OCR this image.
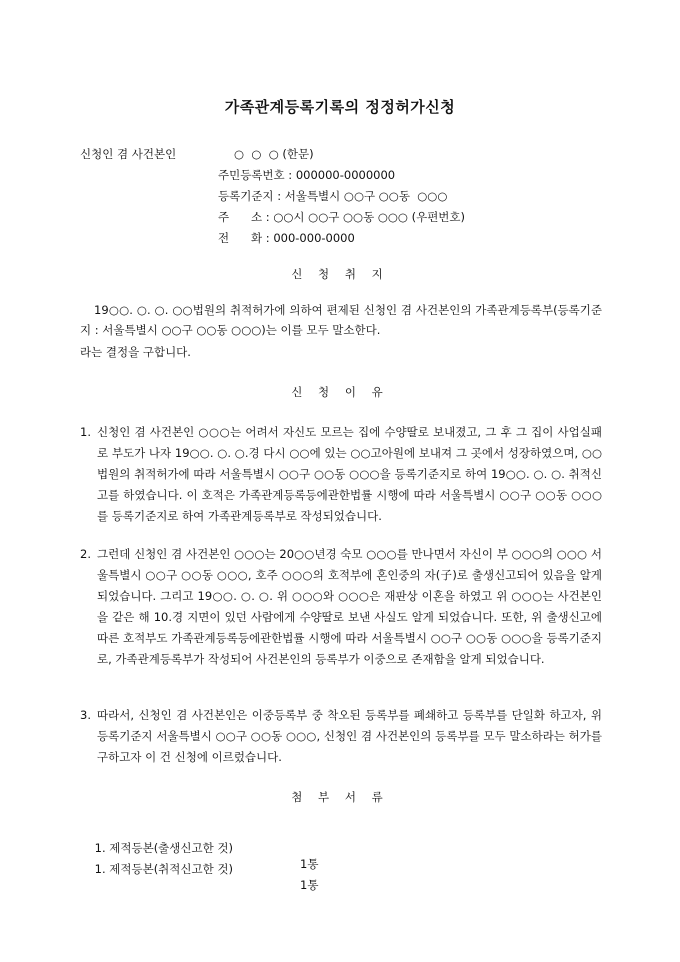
가족관계등록기록의 정정허가신청
신청인 겸 사건본인	○  ○  ○ (한문)
주민등록번호 : 000000-0000000
등록기준지 : 서울특별시 ○○구 ○○동  ○○○
주      소 : ○○시 ○○구 ○○동 ○○○ (우편번호)
전      화 : 000-000-0000
신 청 취 지
19○○. ○. ○. ○○법원의 취적허가에 의하여 편제된 신청인 겸 사건본인의 가족관계등록부(등록기준지 : 서울특별시 ○○구 ○○동 ○○○)는 이를 모두 말소한다.
라는 결정을 구합니다.
신 청 이 유
1. 신청인 겸 사건본인 ○○○는 어려서 자신도 모르는 집에 수양딸로 보내졌고, 그 후 그 집이 사업실패로 부도가 나자 19○○. ○. ○.경 다시 ○○에 있는 ○○고아원에 보내져 그 곳에서 성장하였으며, ○○법원의 취적허가에 따라 서울특별시 ○○구 ○○동 ○○○을 등록기준지로 하여 19○○. ○. ○. 취적신고를 하였습니다. 이 호적은 가족관계등록등에관한법률 시행에 따라 서울특별시 ○○구 ○○동 ○○○를 등록기준지로 하여 가족관계등록부로 작성되었습니다.
2. 그런데 신청인 겸 사건본인 ○○○는 20○○년경 숙모 ○○○를 만나면서 자신이 부 ○○○의 ○○○ 서울특별시 ○○구 ○○동 ○○○, 호주 ○○○의 호적부에 혼인중의 자(子)로 출생신고되어 있음을 알게 되었습니다. 그리고 19○○. ○. ○. 위 ○○○와 ○○○은 재판상 이혼을 하였고 위 ○○○는 사건본인을 같은 해 10.경 지면이 있던 사람에게 수양딸로 보낸 사실도 알게 되었습니다. 또한, 위 출생신고에 따른 호적부도 가족관계등록등에관한법률 시행에 따라 서울특별시 ○○구 ○○동 ○○○을 등록기준지로, 가족관계등록부가 작성되어 사건본인의 등록부가 이중으로 존재함을 알게 되었습니다.
3. 따라서, 신청인 겸 사건본인은 이중등록부 중 착오된 등록부를 폐쇄하고 등록부를 단일화 하고자, 위 등록기준지 서울특별시 ○○구 ○○동 ○○○, 신청인 겸 사건본인의 등록부를 모두 말소하라는 허가를 구하고자 이 건 신청에 이르렀습니다.
첨 부 서 류

1. 제적등본(출생신고한 것)

1통

1. 제적등본(취적신고한 것)

1통
